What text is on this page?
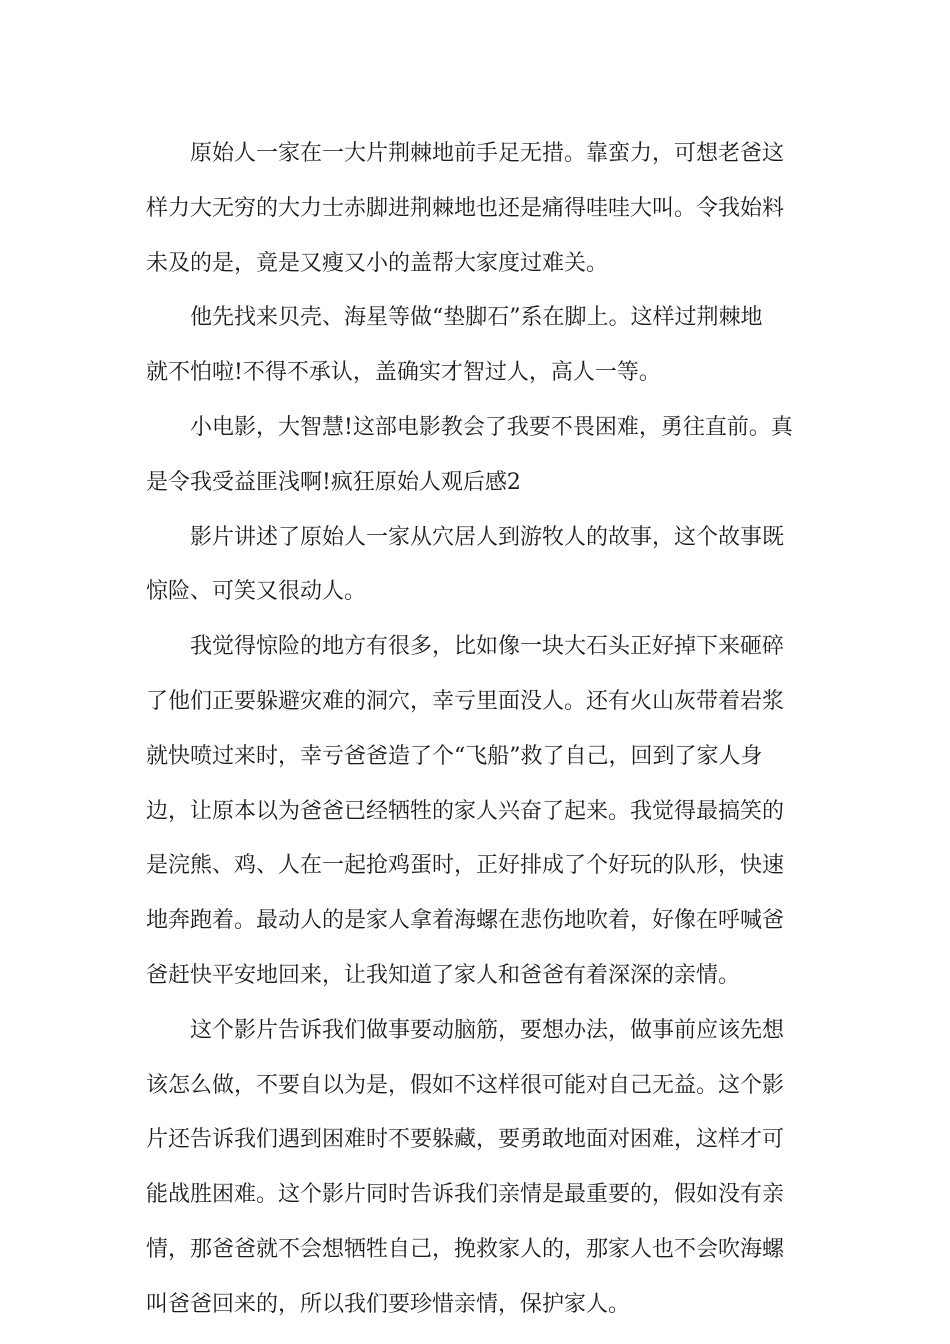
原始人一家在一大片荆棘地前手足无措。靠蛮力，可想老爸这
样力大无穷的大力士赤脚进荆棘地也还是痛得哇哇大叫。令我始料
未及的是，竟是又瘦又小的盖帮大家度过难关。

他先找来贝壳、海星等做“垫脚石”系在脚上。这样过荆棘地
就不怕啦!不得不承认，盖确实才智过人，高人一等。

小电影，大智慧!这部电影教会了我要不畏困难，勇往直前。真
是令我受益匪浅啊!疯狂原始人观后感2

影片讲述了原始人一家从穴居人到游牧人的故事，这个故事既
惊险、可笑又很动人。

我觉得惊险的地方有很多，比如像一块大石头正好掉下来砸碎
了他们正要躲避灾难的洞穴，幸亏里面没人。还有火山灰带着岩浆
就快喷过来时，幸亏爸爸造了个“飞船”救了自己，回到了家人身
边，让原本以为爸爸已经牺牲的家人兴奋了起来。我觉得最搞笑的
是浣熊、鸡、人在一起抢鸡蛋时，正好排成了个好玩的队形，快速
地奔跑着。最动人的是家人拿着海螺在悲伤地吹着，好像在呼喊爸
爸赶快平安地回来，让我知道了家人和爸爸有着深深的亲情。

这个影片告诉我们做事要动脑筋，要想办法，做事前应该先想
该怎么做，不要自以为是，假如不这样很可能对自己无益。这个影
片还告诉我们遇到困难时不要躲藏，要勇敢地面对困难，这样才可
能战胜困难。这个影片同时告诉我们亲情是最重要的，假如没有亲
情，那爸爸就不会想牺牲自己，挽救家人的，那家人也不会吹海螺
叫爸爸回来的，所以我们要珍惜亲情，保护家人。
